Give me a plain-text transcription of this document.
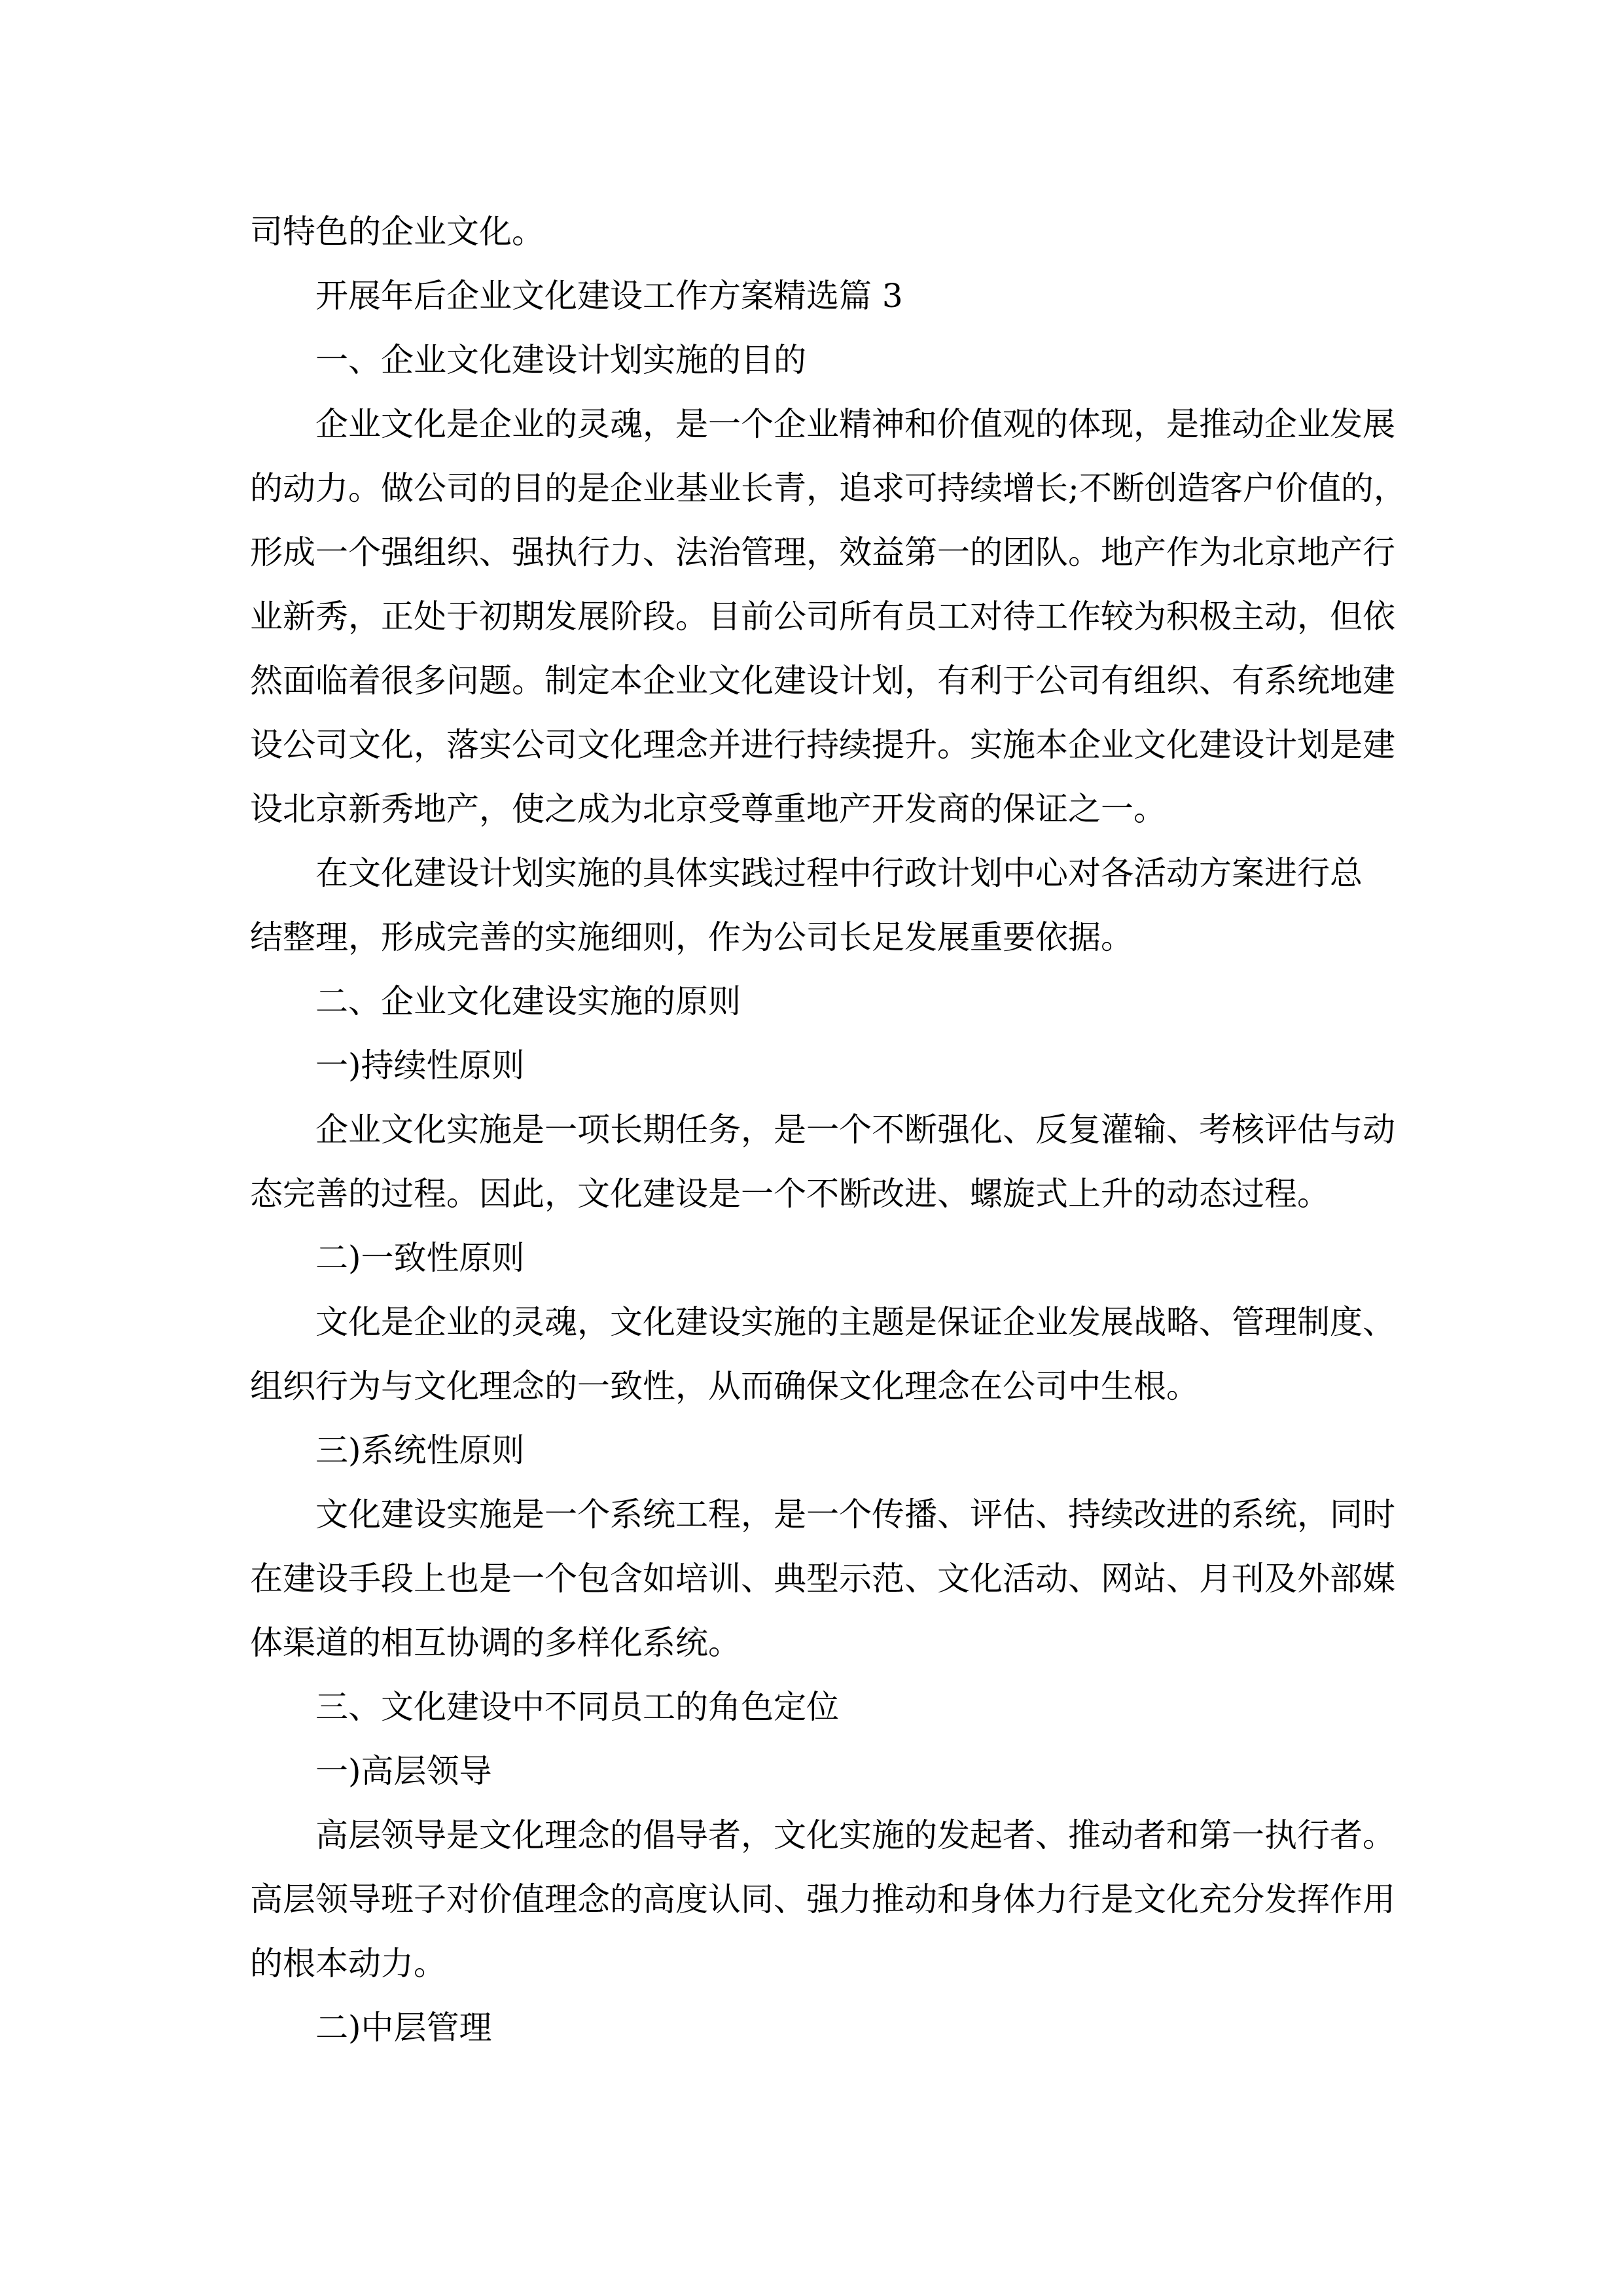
司特色的企业文化。

开展年后企业文化建设工作方案精选篇 3

一、企业文化建设计划实施的目的

企业文化是企业的灵魂，是一个企业精神和价值观的体现，是推动企业发展

的动力。做公司的目的是企业基业长青，追求可持续增长;不断创造客户价值的，

形成一个强组织、强执行力、法治管理，效益第一的团队。地产作为北京地产行

业新秀，正处于初期发展阶段。目前公司所有员工对待工作较为积极主动，但依

然面临着很多问题。制定本企业文化建设计划，有利于公司有组织、有系统地建

设公司文化，落实公司文化理念并进行持续提升。实施本企业文化建设计划是建

设北京新秀地产，使之成为北京受尊重地产开发商的保证之一。

在文化建设计划实施的具体实践过程中行政计划中心对各活动方案进行总

结整理，形成完善的实施细则，作为公司长足发展重要依据。

二、企业文化建设实施的原则

一)持续性原则

企业文化实施是一项长期任务，是一个不断强化、反复灌输、考核评估与动

态完善的过程。因此，文化建设是一个不断改进、螺旋式上升的动态过程。

二)一致性原则

文化是企业的灵魂，文化建设实施的主题是保证企业发展战略、管理制度、

组织行为与文化理念的一致性，从而确保文化理念在公司中生根。

三)系统性原则

文化建设实施是一个系统工程，是一个传播、评估、持续改进的系统，同时

在建设手段上也是一个包含如培训、典型示范、文化活动、网站、月刊及外部媒

体渠道的相互协调的多样化系统。

三、文化建设中不同员工的角色定位

一)高层领导

高层领导是文化理念的倡导者，文化实施的发起者、推动者和第一执行者。

高层领导班子对价值理念的高度认同、强力推动和身体力行是文化充分发挥作用

的根本动力。

二)中层管理
